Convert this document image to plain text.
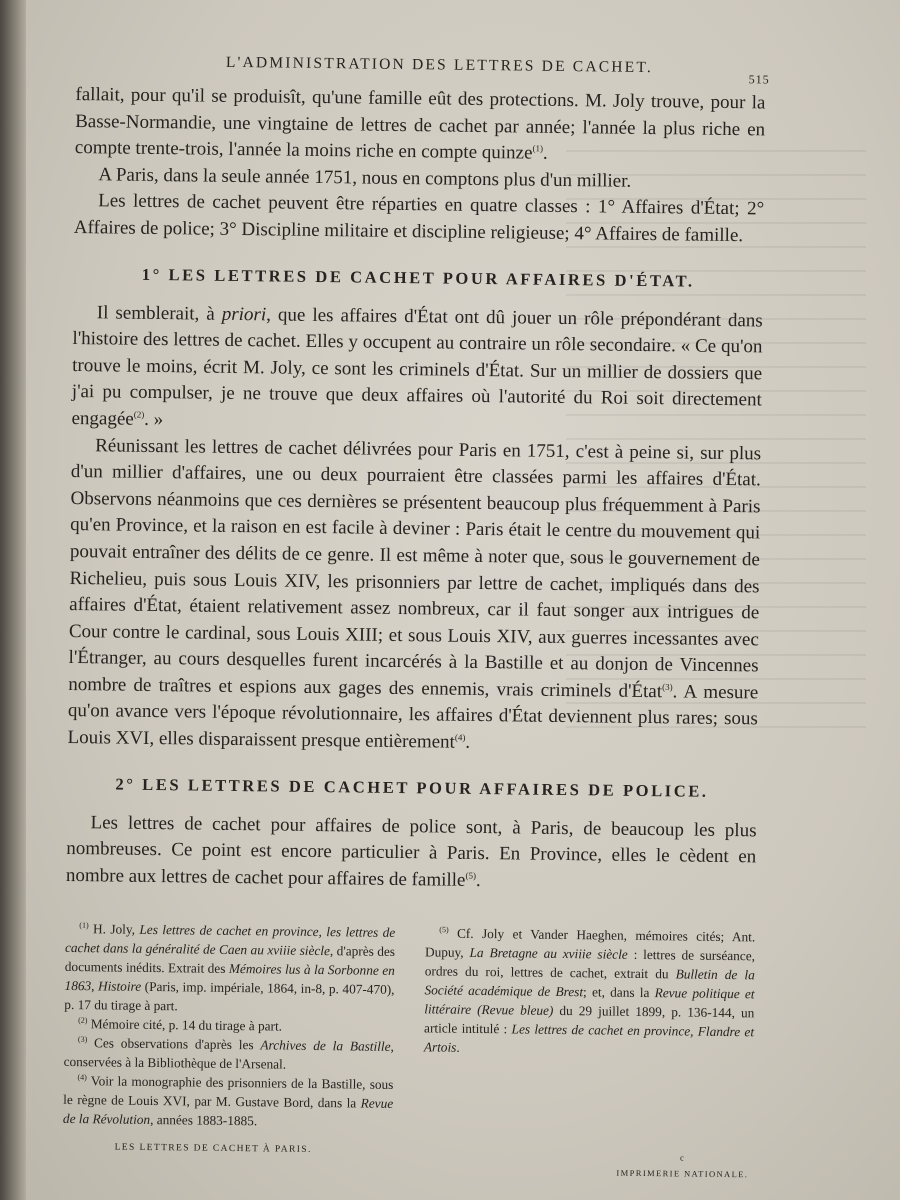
L'ADMINISTRATION DES LETTRES DE CACHET.
515

fallait, pour qu'il se produisît, qu'une famille eût des protections. M. Joly trouve, pour la Basse-Normandie, une vingtaine de lettres de cachet par année; l'année la plus riche en compte trente-trois, l'année la moins riche en compte quinze$^{(1)}$.

A Paris, dans la seule année 1751, nous en comptons plus d'un millier.

Les lettres de cachet peuvent être réparties en quatre classes : 1° Affaires d'État; 2° Affaires de police; 3° Discipline militaire et discipline religieuse; 4° Affaires de famille.

1° LES LETTRES DE CACHET POUR AFFAIRES D'ÉTAT.

Il semblerait, à priori, que les affaires d'État ont dû jouer un rôle prépondérant dans l'histoire des lettres de cachet. Elles y occupent au contraire un rôle secondaire. « Ce qu'on trouve le moins, écrit M. Joly, ce sont les criminels d'État. Sur un millier de dossiers que j'ai pu compulser, je ne trouve que deux affaires où l'autorité du Roi soit directement engagée$^{(2)}$. »

Réunissant les lettres de cachet délivrées pour Paris en 1751, c'est à peine si, sur plus d'un millier d'affaires, une ou deux pourraient être classées parmi les affaires d'État. Observons néanmoins que ces dernières se présentent beaucoup plus fréquemment à Paris qu'en Province, et la raison en est facile à deviner : Paris était le centre du mouvement qui pouvait entraîner des délits de ce genre. Il est même à noter que, sous le gouvernement de Richelieu, puis sous Louis XIV, les prisonniers par lettre de cachet, impliqués dans des affaires d'État, étaient relativement assez nombreux, car il faut songer aux intrigues de Cour contre le cardinal, sous Louis XIII; et sous Louis XIV, aux guerres incessantes avec l'Étranger, au cours desquelles furent incarcérés à la Bastille et au donjon de Vincennes nombre de traîtres et espions aux gages des ennemis, vrais criminels d'État$^{(3)}$. A mesure qu'on avance vers l'époque révolutionnaire, les affaires d'État deviennent plus rares; sous Louis XVI, elles disparaissent presque entièrement$^{(4)}$.

2° LES LETTRES DE CACHET POUR AFFAIRES DE POLICE.

Les lettres de cachet pour affaires de police sont, à Paris, de beaucoup les plus nombreuses. Ce point est encore particulier à Paris. En Province, elles le cèdent en nombre aux lettres de cachet pour affaires de famille$^{(5)}$.

$^{(1)}$ H. Joly, Les lettres de cachet en province, les lettres de cachet dans la généralité de Caen au xviiie siècle, d'après des documents inédits. Extrait des Mémoires lus à la Sorbonne en 1863, Histoire (Paris, imp. impériale, 1864, in-8, p. 407-470), p. 17 du tirage à part.

$^{(2)}$ Mémoire cité, p. 14 du tirage à part.

$^{(3)}$ Ces observations d'après les Archives de la Bastille, conservées à la Bibliothèque de l'Arsenal.

$^{(4)}$ Voir la monographie des prisonniers de la Bastille, sous le règne de Louis XVI, par M. Gustave Bord, dans la Revue de la Révolution, années 1883-1885.

$^{(5)}$ Cf. Joly et Vander Haeghen, mémoires cités; Ant. Dupuy, La Bretagne au xviiie siècle : lettres de surséance, ordres du roi, lettres de cachet, extrait du Bulletin de la Société académique de Brest; et, dans la Revue politique et littéraire (Revue bleue) du 29 juillet 1899, p. 136-144, un article intitulé : Les lettres de cachet en province, Flandre et Artois.

LES LETTRES DE CACHET À PARIS.
c
IMPRIMERIE NATIONALE.
